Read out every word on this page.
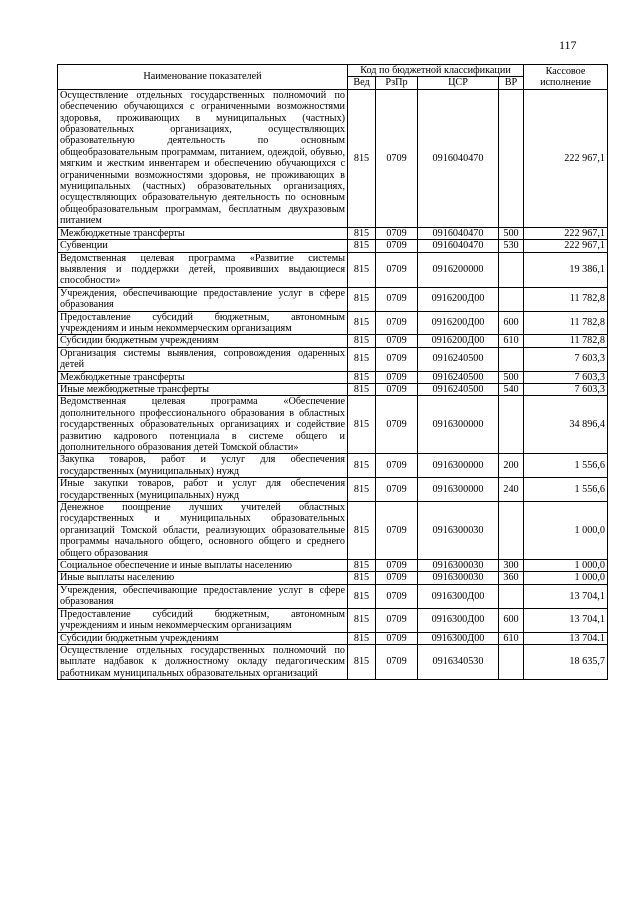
117
Наименование показателей	Код по бюджетной классификации				Кассовое исполнение
	Вед	РзПр	ЦСР	ВР	
Осуществление отдельных государственных полномочий по обеспечению обучающихся с ограниченными возможностями здоровья, проживающих в муниципальных (частных) образовательных организациях, осуществляющих образовательную деятельность по основным общеобразовательным программам, питанием, одеждой, обувью, мягким и жестким инвентарем и обеспечению обучающихся с ограниченными возможностями здоровья, не проживающих в муниципальных (частных) образовательных организациях, осуществляющих образовательную деятельность по основным общеобразовательным программам, бесплатным двухразовым питанием	815	0709	0916040470		222 967,1
Межбюджетные трансферты	815	0709	0916040470	500	222 967,1
Субвенции	815	0709	0916040470	530	222 967,1
Ведомственная целевая программа «Развитие системы выявления и поддержки детей, проявивших выдающиеся способности»	815	0709	0916200000		19 386,1
Учреждения, обеспечивающие предоставление услуг в сфере образования	815	0709	0916200Д00		11 782,8
Предоставление субсидий бюджетным, автономным учреждениям и иным некоммерческим организациям	815	0709	0916200Д00	600	11 782,8
Субсидии бюджетным учреждениям	815	0709	0916200Д00	610	11 782,8
Организация системы выявления, сопровождения одаренных детей	815	0709	0916240500		7 603,3
Межбюджетные трансферты	815	0709	0916240500	500	7 603,3
Иные межбюджетные трансферты	815	0709	0916240500	540	7 603,3
Ведомственная целевая программа «Обеспечение дополнительного профессионального образования в областных государственных образовательных организациях и содействие развитию кадрового потенциала в системе общего и дополнительного образования детей Томской области»	815	0709	0916300000		34 896,4
Закупка товаров, работ и услуг для обеспечения государственных (муниципальных) нужд	815	0709	0916300000	200	1 556,6
Иные закупки товаров, работ и услуг для обеспечения государственных (муниципальных) нужд	815	0709	0916300000	240	1 556,6
Денежное поощрение лучших учителей областных государственных и муниципальных образовательных организаций Томской области, реализующих образовательные программы начального общего, основного общего и среднего общего образования	815	0709	0916300030		1 000,0
Социальное обеспечение и иные выплаты населению	815	0709	0916300030	300	1 000,0
Иные выплаты населению	815	0709	0916300030	360	1 000,0
Учреждения, обеспечивающие предоставление услуг в сфере образования	815	0709	0916300Д00		13 704,1
Предоставление субсидий бюджетным, автономным учреждениям и иным некоммерческим организациям	815	0709	0916300Д00	600	13 704,1
Субсидии бюджетным учреждениям	815	0709	0916300Д00	610	13 704.1
Осуществление отдельных государственных полномочий по выплате надбавок к должностному окладу педагогическим работникам муниципальных образовательных организаций	815	0709	0916340530		18 635,7
